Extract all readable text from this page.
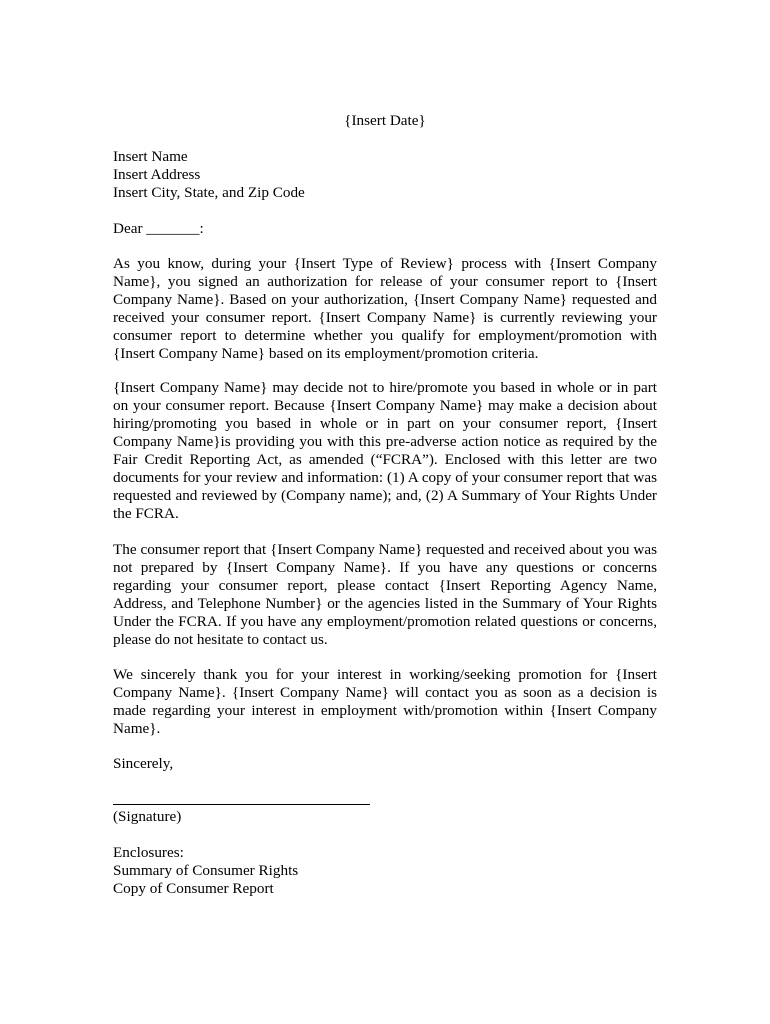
{Insert Date}

Insert Name
Insert Address
Insert City, State, and Zip Code

Dear _______:

As you know, during your {Insert Type of Review} process with {Insert Company Name}, you signed an authorization for release of your consumer report to {Insert Company Name}. Based on your authorization, {Insert Company Name} requested and received your consumer report. {Insert Company Name} is currently reviewing your consumer report to determine whether you qualify for employment/promotion with {Insert Company Name} based on its employment/promotion criteria.

{Insert Company Name} may decide not to hire/promote you based in whole or in part on your consumer report. Because {Insert Company Name} may make a decision about hiring/promoting you based in whole or in part on your consumer report, {Insert Company Name}is providing you with this pre-adverse action notice as required by the Fair Credit Reporting Act, as amended (“FCRA”). Enclosed with this letter are two documents for your review and information: (1) A copy of your consumer report that was requested and reviewed by (Company name); and, (2) A Summary of Your Rights Under the FCRA.

The consumer report that {Insert Company Name} requested and received about you was not prepared by {Insert Company Name}. If you have any questions or concerns regarding your consumer report, please contact {Insert Reporting Agency Name, Address, and Telephone Number} or the agencies listed in the Summary of Your Rights Under the FCRA. If you have any employment/promotion related questions or concerns, please do not hesitate to contact us.

We sincerely thank you for your interest in working/seeking promotion for {Insert Company Name}. {Insert Company Name} will contact you as soon as a decision is made regarding your interest in employment with/promotion within {Insert Company Name}.

Sincerely,

(Signature)

Enclosures:
Summary of Consumer Rights
Copy of Consumer Report
